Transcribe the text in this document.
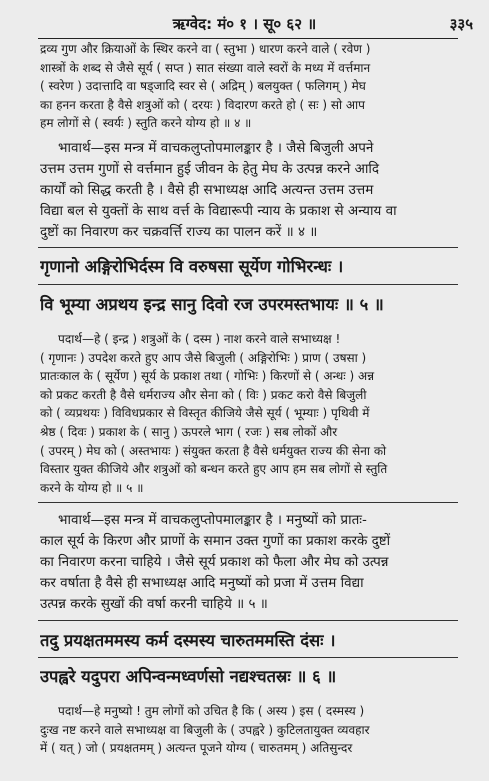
ऋग्वेद: मं० १ । सू० ६२ ॥	३३५
द्रव्य गुण और क्रियाओं के स्थिर करने वा ( स्तुभा ) धारण करने वाले ( रवेण )
शास्त्रों के शब्द से जैसे सूर्य ( सप्त ) सात संख्या वाले स्वरों के मध्य में वर्त्तमान
( स्वरेण ) उदात्तादि वा षड्जादि स्वर से ( अद्रिम् ) बलयुक्त ( फलिगम् ) मेघ
का हनन करता है वैसे शत्रुओं को ( दरयः ) विदारण करते हो ( सः ) सो आप
हम लोगों से ( स्वर्यः ) स्तुति करने योग्य हो ॥ ४ ॥
भावार्थ—इस मन्त्र में वाचकलुप्तोपमालङ्कार है । जैसे बिजुली अपने
उत्तम उत्तम गुणों से वर्त्तमान हुई जीवन के हेतु मेघ के उत्पन्न करने आदि
कार्यों को सिद्ध करती है । वैसे ही सभाध्यक्ष आदि अत्यन्त उत्तम उत्तम
विद्या बल से युक्तों के साथ वर्त्त के विद्यारूपी न्याय के प्रकाश से अन्याय वा
दुष्टों का निवारण कर चक्रवर्त्ति राज्य का पालन करें ॥ ४ ॥
गृणानो अङ्गिरोभिर्दस्म वि वरुषसा सूर्येण गोभिरन्धः ।
वि भूम्या अप्रथय इन्द्र सानु दिवो रज उपरमस्तभायः ॥ ५ ॥
पदार्थ—हे ( इन्द्र ) शत्रुओं के ( दस्म ) नाश करने वाले सभाध्यक्ष !
( गृणानः ) उपदेश करते हुए आप जैसे बिजुली ( अङ्गिरोभिः ) प्राण ( उषसा )
प्रातःकाल के ( सूर्येण ) सूर्य के प्रकाश तथा ( गोभिः ) किरणों से ( अन्धः ) अन्न
को प्रकट करती है वैसे धर्मराज्य और सेना को ( विः ) प्रकट करो वैसे बिजुली
को ( व्यप्रथयः ) विविधप्रकार से विस्तृत कीजिये जैसे सूर्य ( भूम्याः ) पृथिवी में
श्रेष्ठ ( दिवः ) प्रकाश के ( सानु ) ऊपरले भाग ( रजः ) सब लोकों और
( उपरम् ) मेघ को ( अस्तभायः ) संयुक्त करता है वैसे धर्मयुक्त राज्य की सेना को
विस्तार युक्त कीजिये और शत्रुओं को बन्धन करते हुए आप हम सब लोगों से स्तुति
करने के योग्य हो ॥ ५ ॥
भावार्थ—इस मन्त्र में वाचकलुप्तोपमालङ्कार है । मनुष्यों को प्रातः-
काल सूर्य के किरण और प्राणों के समान उक्त गुणों का प्रकाश करके दुष्टों
का निवारण करना चाहिये । जैसे सूर्य प्रकाश को फैला और मेघ को उत्पन्न
कर वर्षाता है वैसे ही सभाध्यक्ष आदि मनुष्यों को प्रजा में उत्तम विद्या
उत्पन्न करके सुखों की वर्षा करनी चाहिये ॥ ५ ॥
तदु प्रयक्षतममस्य कर्म दस्मस्य चारुतममस्ति दंसः ।
उपह्वरे यदुपरा अपिन्वन्मध्वर्णसो नद्यश्चतस्रः ॥ ६ ॥
पदार्थ—हे मनुष्यो ! तुम लोगों को उचित है कि ( अस्य ) इस ( दस्मस्य )
दुःख नष्ट करने वाले सभाध्यक्ष वा बिजुली के ( उपह्वरे ) कुटिलतायुक्त व्यवहार
में ( यत् ) जो ( प्रयक्षतमम् ) अत्यन्त पूजने योग्य ( चारुतमम् ) अतिसुन्दर
